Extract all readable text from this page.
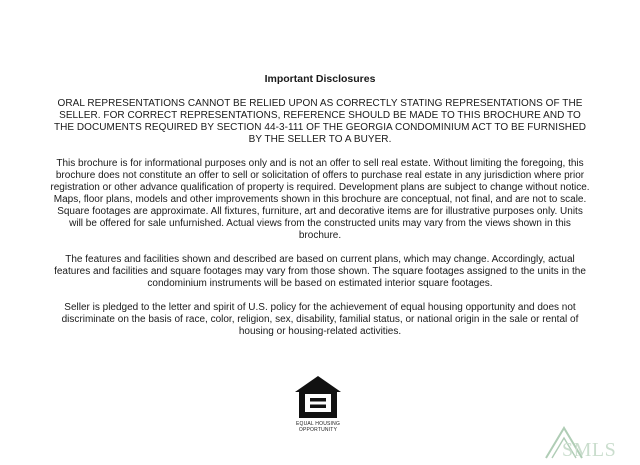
Important Disclosures

ORAL REPRESENTATIONS CANNOT BE RELIED UPON AS CORRECTLY STATING REPRESENTATIONS OF THE SELLER. FOR CORRECT REPRESENTATIONS, REFERENCE SHOULD BE MADE TO THIS BROCHURE AND TO THE DOCUMENTS REQUIRED BY SECTION 44-3-111 OF THE GEORGIA CONDOMINIUM ACT TO BE FURNISHED BY THE SELLER TO A BUYER.

This brochure is for informational purposes only and is not an offer to sell real estate. Without limiting the foregoing, this brochure does not constitute an offer to sell or solicitation of offers to purchase real estate in any jurisdiction where prior registration or other advance qualification of property is required. Development plans are subject to change without notice. Maps, floor plans, models and other improvements shown in this brochure are conceptual, not final, and are not to scale. Square footages are approximate. All fixtures, furniture, art and decorative items are for illustrative purposes only. Units will be offered for sale unfurnished. Actual views from the constructed units may vary from the views shown in this brochure.

The features and facilities shown and described are based on current plans, which may change. Accordingly, actual features and facilities and square footages may vary from those shown. The square footages assigned to the units in the condominium instruments will be based on estimated interior square footages.

Seller is pledged to the letter and spirit of U.S. policy for the achievement of equal housing opportunity and does not discriminate on the basis of race, color, religion, sex, disability, familial status, or national origin in the sale or rental of housing or housing-related activities.

EQUAL HOUSING
OPPORTUNITY
SMLS
